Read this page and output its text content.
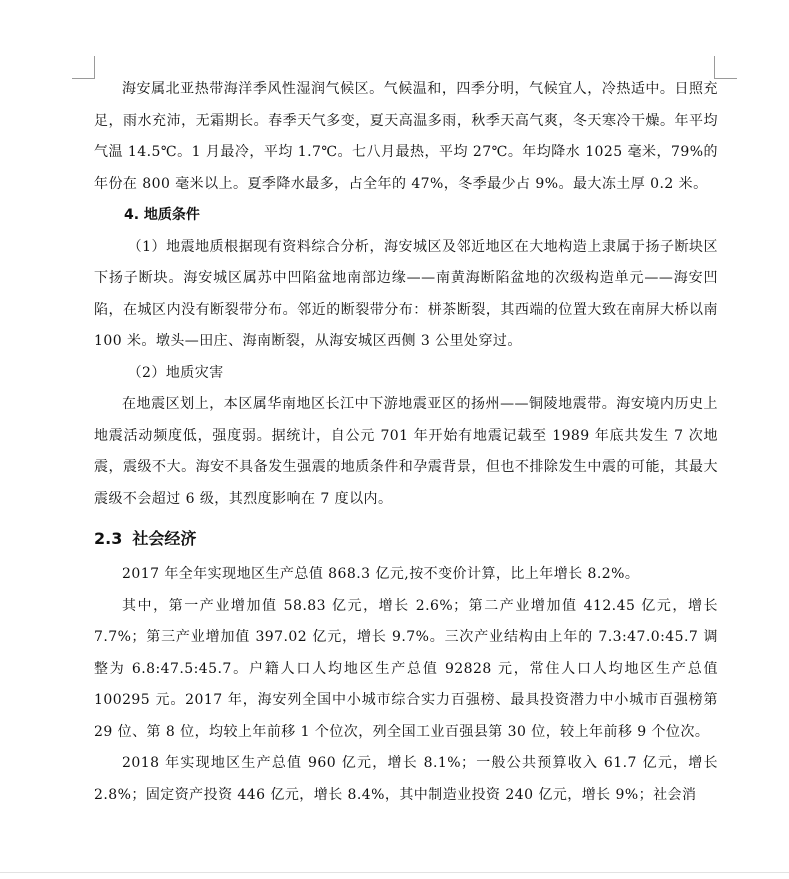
海安属北亚热带海洋季风性湿润气候区。气候温和，四季分明，气候宜人，冷热适中。日照充足，雨水充沛，无霜期长。春季天气多变，夏天高温多雨，秋季天高气爽，冬天寒冷干燥。年平均气温 14.5℃。1 月最冷，平均 1.7℃。七八月最热，平均 27℃。年均降水 1025 毫米，79%的年份在 800 毫米以上。夏季降水最多，占全年的 47%，冬季最少占 9%。最大冻土厚 0.2 米。

4. 地质条件

（1）地震地质根据现有资料综合分析，海安城区及邻近地区在大地构造上隶属于扬子断块区下扬子断块。海安城区属苏中凹陷盆地南部边缘——南黄海断陷盆地的次级构造单元——海安凹陷，在城区内没有断裂带分布。邻近的断裂带分布：栟茶断裂，其西端的位置大致在南屏大桥以南 100 米。墩头—田庄、海南断裂，从海安城区西侧 3 公里处穿过。

（2）地质灾害

在地震区划上，本区属华南地区长江中下游地震亚区的扬州——铜陵地震带。海安境内历史上地震活动频度低，强度弱。据统计，自公元 701 年开始有地震记载至 1989 年底共发生 7 次地震，震级不大。海安不具备发生强震的地质条件和孕震背景，但也不排除发生中震的可能，其最大震级不会超过 6 级，其烈度影响在 7 度以内。

2.3 社会经济

2017 年全年实现地区生产总值 868.3 亿元,按不变价计算，比上年增长 8.2%。

其中，第一产业增加值 58.83 亿元，增长 2.6%；第二产业增加值 412.45 亿元，增长 7.7%；第三产业增加值 397.02 亿元，增长 9.7%。三次产业结构由上年的 7.3:47.0:45.7 调整为 6.8:47.5:45.7。户籍人口人均地区生产总值 92828 元，常住人口人均地区生产总值 100295 元。2017 年，海安列全国中小城市综合实力百强榜、最具投资潜力中小城市百强榜第 29 位、第 8 位，均较上年前移 1 个位次，列全国工业百强县第 30 位，较上年前移 9 个位次。

2018 年实现地区生产总值 960 亿元，增长 8.1%；一般公共预算收入 61.7 亿元，增长 2.8%；固定资产投资 446 亿元，增长 8.4%，其中制造业投资 240 亿元，增长 9%；社会消
